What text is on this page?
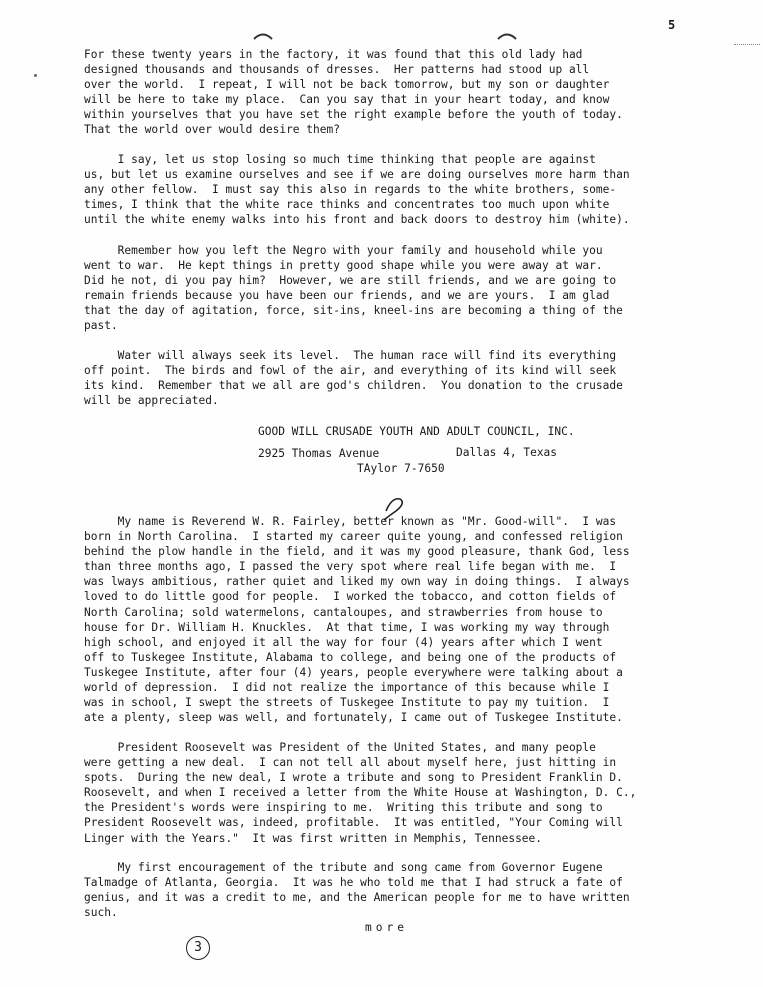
5
For these twenty years in the factory, it was found that this old lady had
designed thousands and thousands of dresses.  Her patterns had stood up all
over the world.  I repeat, I will not be back tomorrow, but my son or daughter
will be here to take my place.  Can you say that in your heart today, and know
within yourselves that you have set the right example before the youth of today.
That the world over would desire them?
I say, let us stop losing so much time thinking that people are against
us, but let us examine ourselves and see if we are doing ourselves more harm than
any other fellow.  I must say this also in regards to the white brothers, some-
times, I think that the white race thinks and concentrates too much upon white
until the white enemy walks into his front and back doors to destroy him (white).
Remember how you left the Negro with your family and household while you
went to war.  He kept things in pretty good shape while you were away at war.
Did he not, di you pay him?  However, we are still friends, and we are going to
remain friends because you have been our friends, and we are yours.  I am glad
that the day of agitation, force, sit-ins, kneel-ins are becoming a thing of the
past.
Water will always seek its level.  The human race will find its everything
off point.  The birds and fowl of the air, and everything of its kind will seek
its kind.  Remember that we all are god's children.  You donation to the crusade
will be appreciated.
GOOD WILL CRUSADE YOUTH AND ADULT COUNCIL, INC.
2925 Thomas Avenue	Dallas 4, Texas
TAylor 7-7650
My name is Reverend W. R. Fairley, better known as "Mr. Good-will".  I was
born in North Carolina.  I started my career quite young, and confessed religion
behind the plow handle in the field, and it was my good pleasure, thank God, less
than three months ago, I passed the very spot where real life began with me.  I
was lways ambitious, rather quiet and liked my own way in doing things.  I always
loved to do little good for people.  I worked the tobacco, and cotton fields of
North Carolina; sold watermelons, cantaloupes, and strawberries from house to
house for Dr. William H. Knuckles.  At that time, I was working my way through
high school, and enjoyed it all the way for four (4) years after which I went
off to Tuskegee Institute, Alabama to college, and being one of the products of
Tuskegee Institute, after four (4) years, people everywhere were talking about a
world of depression.  I did not realize the importance of this because while I
was in school, I swept the streets of Tuskegee Institute to pay my tuition.  I
ate a plenty, sleep was well, and fortunately, I came out of Tuskegee Institute.
President Roosevelt was President of the United States, and many people
were getting a new deal.  I can not tell all about myself here, just hitting in
spots.  During the new deal, I wrote a tribute and song to President Franklin D.
Roosevelt, and when I received a letter from the White House at Washington, D. C.,
the President's words were inspiring to me.  Writing this tribute and song to
President Roosevelt was, indeed, profitable.  It was entitled, "Your Coming will
Linger with the Years."  It was first written in Memphis, Tennessee.
My first encouragement of the tribute and song came from Governor Eugene
Talmadge of Atlanta, Georgia.  It was he who told me that I had struck a fate of
genius, and it was a credit to me, and the American people for me to have written
such.
more
3
